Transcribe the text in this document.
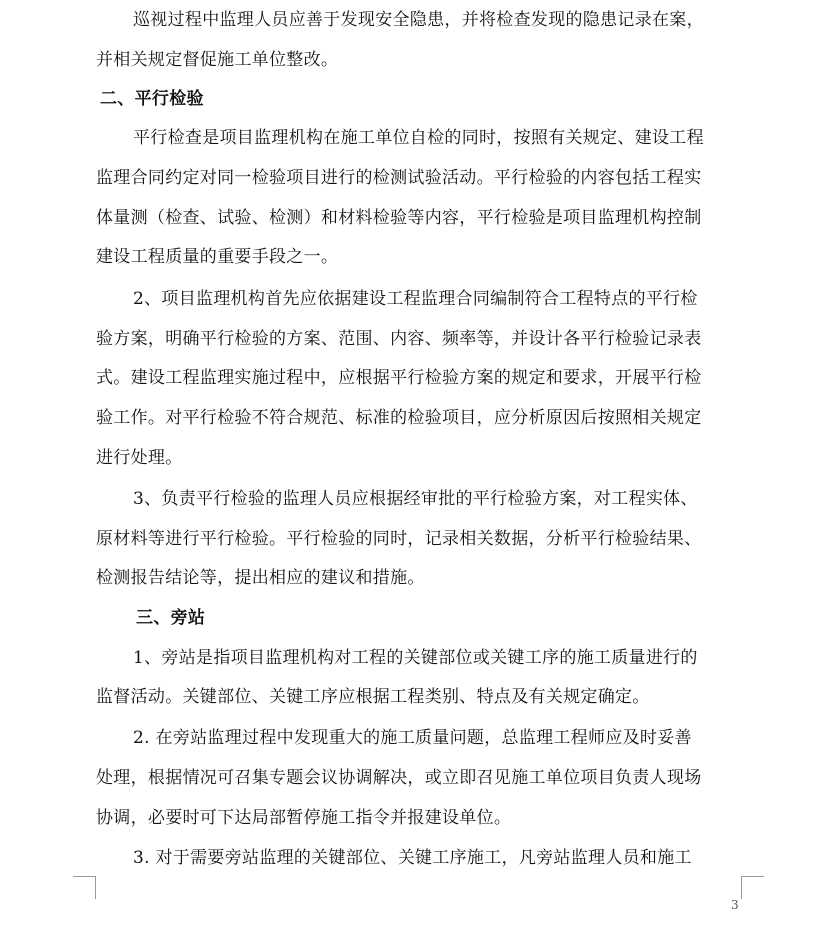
巡视过程中监理人员应善于发现安全隐患，并将检查发现的隐患记录在案，
并相关规定督促施工单位整改。
二、平行检验
平行检查是项目监理机构在施工单位自检的同时，按照有关规定、建设工程
监理合同约定对同一检验项目进行的检测试验活动。平行检验的内容包括工程实
体量测（检查、试验、检测）和材料检验等内容，平行检验是项目监理机构控制
建设工程质量的重要手段之一。
2、项目监理机构首先应依据建设工程监理合同编制符合工程特点的平行检
验方案，明确平行检验的方案、范围、内容、频率等，并设计各平行检验记录表
式。建设工程监理实施过程中，应根据平行检验方案的规定和要求，开展平行检
验工作。对平行检验不符合规范、标准的检验项目，应分析原因后按照相关规定
进行处理。
3、负责平行检验的监理人员应根据经审批的平行检验方案，对工程实体、
原材料等进行平行检验。平行检验的同时，记录相关数据，分析平行检验结果、
检测报告结论等，提出相应的建议和措施。
三、旁站
1、旁站是指项目监理机构对工程的关键部位或关键工序的施工质量进行的
监督活动。关键部位、关键工序应根据工程类别、特点及有关规定确定。
2. 在旁站监理过程中发现重大的施工质量问题，总监理工程师应及时妥善
处理，根据情况可召集专题会议协调解决，或立即召见施工单位项目负责人现场
协调，必要时可下达局部暂停施工指令并报建设单位。
3. 对于需要旁站监理的关键部位、关键工序施工，凡旁站监理人员和施工
3
